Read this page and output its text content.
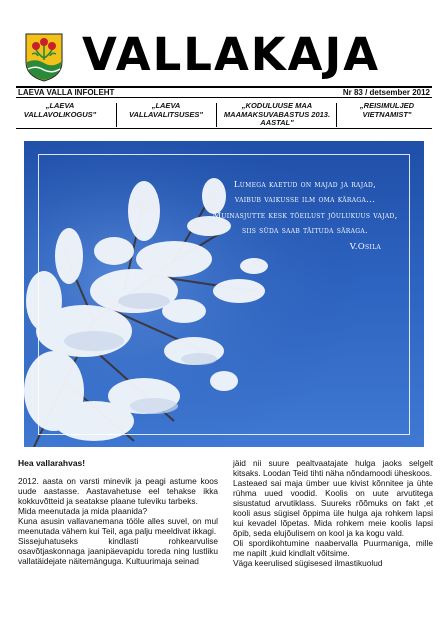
VALLAKAJA
LAEVA VALLA INFOLEHT	Nr 83 / detsember 2012
„LAEVA VALLAVOLIKOGUS"
„LAEVA VALLAVALITSUSES"
„KODULUUSE MAA MAAMAKSUVABASTUS 2013. AASTAL"
„REISIMULJED VIETNAMIST"
Lumega kaetud on majad ja rajad,
vaibub vaikusse ilm oma käraga...
Muinasjutte kesk tõeilust jõulukuus vajad,
siis süda saab täituda säraga.
V.Osila

Hea vallarahvas!

2012. aasta on varsti minevik ja peagi astume koos uude aastasse. Aastavahetuse eel tehakse ikka kokkuvõtteid ja seatakse plaane tuleviku tarbeks.

Mida meenutada ja mida plaanida?

Kuna asusin vallavanemana tööle alles suvel, on mul meenutada vähem kui Teil, aga palju meeldivat ikkagi.

Sissejuhatuseks kindlasti rohkearvulise osavõtjaskonnaga jaanipäevapidu toreda ning lustliku vallatäidejate näitemänguga. Kultuurimaja seinad

jäid nii suure pealtvaatajate hulga jaoks selgelt kitsaks. Loodan Teid tihti näha nõndamoodi üheskoos.

Lasteaed sai maja ümber uue kivist kõnnitee ja ühte rühma uued voodid. Koolis on uute arvutitega sisustatud arvutiklass. Suureks rõõmuks on fakt ,et kooli asus sügisel õppima üle hulga aja rohkem lapsi kui kevadel lõpetas. Mida rohkem meie koolis lapsi õpib, seda elujõulisem on kool ja ka kogu vald.

Oli spordikohtumine naabervalla Puurmaniga, mille me napilt ,kuid kindlalt võitsime.

Väga keerulised sügisesed ilmastikuolud
